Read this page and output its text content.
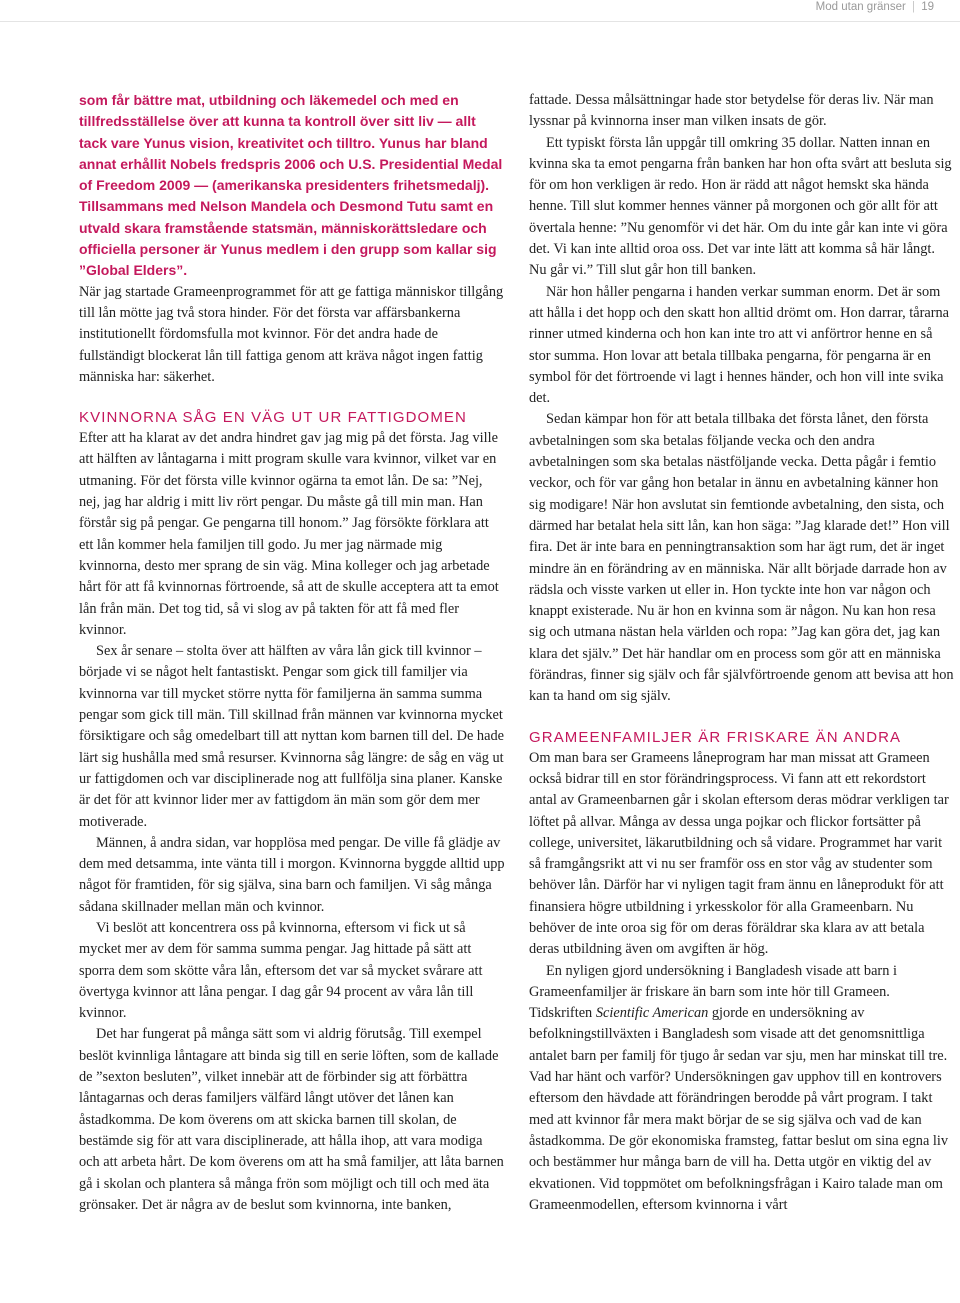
Mod utan gränser | 19

som får bättre mat, utbildning och läkemedel och med en tillfredsställelse över att kunna ta kontroll över sitt liv — allt tack vare Yunus vision, kreativitet och tilltro. Yunus har bland annat erhållit Nobels fredspris 2006 och U.S. Presidential Medal of Freedom 2009 — (amerikanska presidenters frihetsmedalj). Tillsammans med Nelson Mandela och Desmond Tutu samt en utvald skara framstående statsmän, människorättsledare och officiella personer är Yunus medlem i den grupp som kallar sig ”Global Elders”.

När jag startade Grameenprogrammet för att ge fattiga människor tillgång till lån mötte jag två stora hinder. För det första var affärsbankerna institutionellt fördomsfulla mot kvinnor. För det andra hade de fullständigt blockerat lån till fattiga genom att kräva något ingen fattig människa har: säkerhet.

KVINNORNA SÅG EN VÄG UT UR FATTIGDOMEN

Efter att ha klarat av det andra hindret gav jag mig på det första. Jag ville att hälften av låntagarna i mitt program skulle vara kvinnor, vilket var en utmaning. För det första ville kvinnor ogärna ta emot lån. De sa: ”Nej, nej, jag har aldrig i mitt liv rört pengar. Du måste gå till min man. Han förstår sig på pengar. Ge pengarna till honom.” Jag försökte förklara att ett lån kommer hela familjen till godo. Ju mer jag närmade mig kvinnorna, desto mer sprang de sin väg. Mina kolleger och jag arbetade hårt för att få kvinnornas förtroende, så att de skulle acceptera att ta emot lån från män. Det tog tid, så vi slog av på takten för att få med fler kvinnor.

Sex år senare – stolta över att hälften av våra lån gick till kvinnor – började vi se något helt fantastiskt. Pengar som gick till familjer via kvinnorna var till mycket större nytta för familjerna än samma summa pengar som gick till män. Till skillnad från männen var kvinnorna mycket försiktigare och såg omedelbart till att nyttan kom barnen till del. De hade lärt sig hushålla med små resurser. Kvinnorna såg längre: de såg en väg ut ur fattigdomen och var disciplinerade nog att fullfölja sina planer. Kanske är det för att kvinnor lider mer av fattigdom än män som gör dem mer motiverade.

Männen, å andra sidan, var hopplösa med pengar. De ville få glädje av dem med detsamma, inte vänta till i morgon. Kvinnorna byggde alltid upp något för framtiden, för sig själva, sina barn och familjen. Vi såg många sådana skillnader mellan män och kvinnor.

Vi beslöt att koncentrera oss på kvinnorna, eftersom vi fick ut så mycket mer av dem för samma summa pengar. Jag hittade på sätt att sporra dem som skötte våra lån, eftersom det var så mycket svårare att övertyga kvinnor att låna pengar. I dag går 94 procent av våra lån till kvinnor.

Det har fungerat på många sätt som vi aldrig förutsåg. Till exempel beslöt kvinnliga låntagare att binda sig till en serie löften, som de kallade de ”sexton besluten”, vilket innebär att de förbinder sig att förbättra låntagarnas och deras familjers välfärd långt utöver det lånen kan åstadkomma. De kom överens om att skicka barnen till skolan, de bestämde sig för att vara disciplinerade, att hålla ihop, att vara modiga och att arbeta hårt. De kom överens om att ha små familjer, att låta barnen gå i skolan och plantera så många frön som möjligt och till och med äta grönsaker. Det är några av de beslut som kvinnorna, inte banken,

fattade. Dessa målsättningar hade stor betydelse för deras liv. När man lyssnar på kvinnorna inser man vilken insats de gör.

Ett typiskt första lån uppgår till omkring 35 dollar. Natten innan en kvinna ska ta emot pengarna från banken har hon ofta svårt att besluta sig för om hon verkligen är redo. Hon är rädd att något hemskt ska hända henne. Till slut kommer hennes vänner på morgonen och gör allt för att övertala henne: ”Nu genomför vi det här. Om du inte går kan inte vi göra det. Vi kan inte alltid oroa oss. Det var inte lätt att komma så här långt. Nu går vi.” Till slut går hon till banken.

När hon håller pengarna i handen verkar summan enorm. Det är som att hålla i det hopp och den skatt hon alltid drömt om. Hon darrar, tårarna rinner utmed kinderna och hon kan inte tro att vi anförtror henne en så stor summa. Hon lovar att betala tillbaka pengarna, för pengarna är en symbol för det förtroende vi lagt i hennes händer, och hon vill inte svika det.

Sedan kämpar hon för att betala tillbaka det första lånet, den första avbetalningen som ska betalas följande vecka och den andra avbetalningen som ska betalas nästföljande vecka. Detta pågår i femtio veckor, och för var gång hon betalar in ännu en avbetalning känner hon sig modigare! När hon avslutat sin femtionde avbetalning, den sista, och därmed har betalat hela sitt lån, kan hon säga: ”Jag klarade det!” Hon vill fira. Det är inte bara en penningtransaktion som har ägt rum, det är inget mindre än en förändring av en människa. När allt började darrade hon av rädsla och visste varken ut eller in. Hon tyckte inte hon var någon och knappt existerade. Nu är hon en kvinna som är någon. Nu kan hon resa sig och utmana nästan hela världen och ropa: ”Jag kan göra det, jag kan klara det själv.” Det här handlar om en process som gör att en människa förändras, finner sig själv och får självförtroende genom att bevisa att hon kan ta hand om sig själv.

GRAMEENFAMILJER ÄR FRISKARE ÄN ANDRA

Om man bara ser Grameens låneprogram har man missat att Grameen också bidrar till en stor förändringsprocess. Vi fann att ett rekordstort antal av Grameenbarnen går i skolan eftersom deras mödrar verkligen tar löftet på allvar. Många av dessa unga pojkar och flickor fortsätter på college, universitet, läkarutbildning och så vidare. Programmet har varit så framgångsrikt att vi nu ser framför oss en stor våg av studenter som behöver lån. Därför har vi nyligen tagit fram ännu en låneprodukt för att finansiera högre utbildning i yrkesskolor för alla Grameenbarn. Nu behöver de inte oroa sig för om deras föräldrar ska klara av att betala deras utbildning även om avgiften är hög.

En nyligen gjord undersökning i Bangladesh visade att barn i Grameenfamiljer är friskare än barn som inte hör till Grameen. Tidskriften Scientific American gjorde en undersökning av befolkningstillväxten i Bangladesh som visade att det genomsnittliga antalet barn per familj för tjugo år sedan var sju, men har minskat till tre. Vad har hänt och varför? Undersökningen gav upphov till en kontrovers eftersom den hävdade att förändringen berodde på vårt program. I takt med att kvinnor får mera makt börjar de se sig själva och vad de kan åstadkomma. De gör ekonomiska framsteg, fattar beslut om sina egna liv och bestämmer hur många barn de vill ha. Detta utgör en viktig del av ekvationen. Vid toppmötet om befolkningsfrågan i Kairo talade man om Grameenmodellen, eftersom kvinnorna i vårt
